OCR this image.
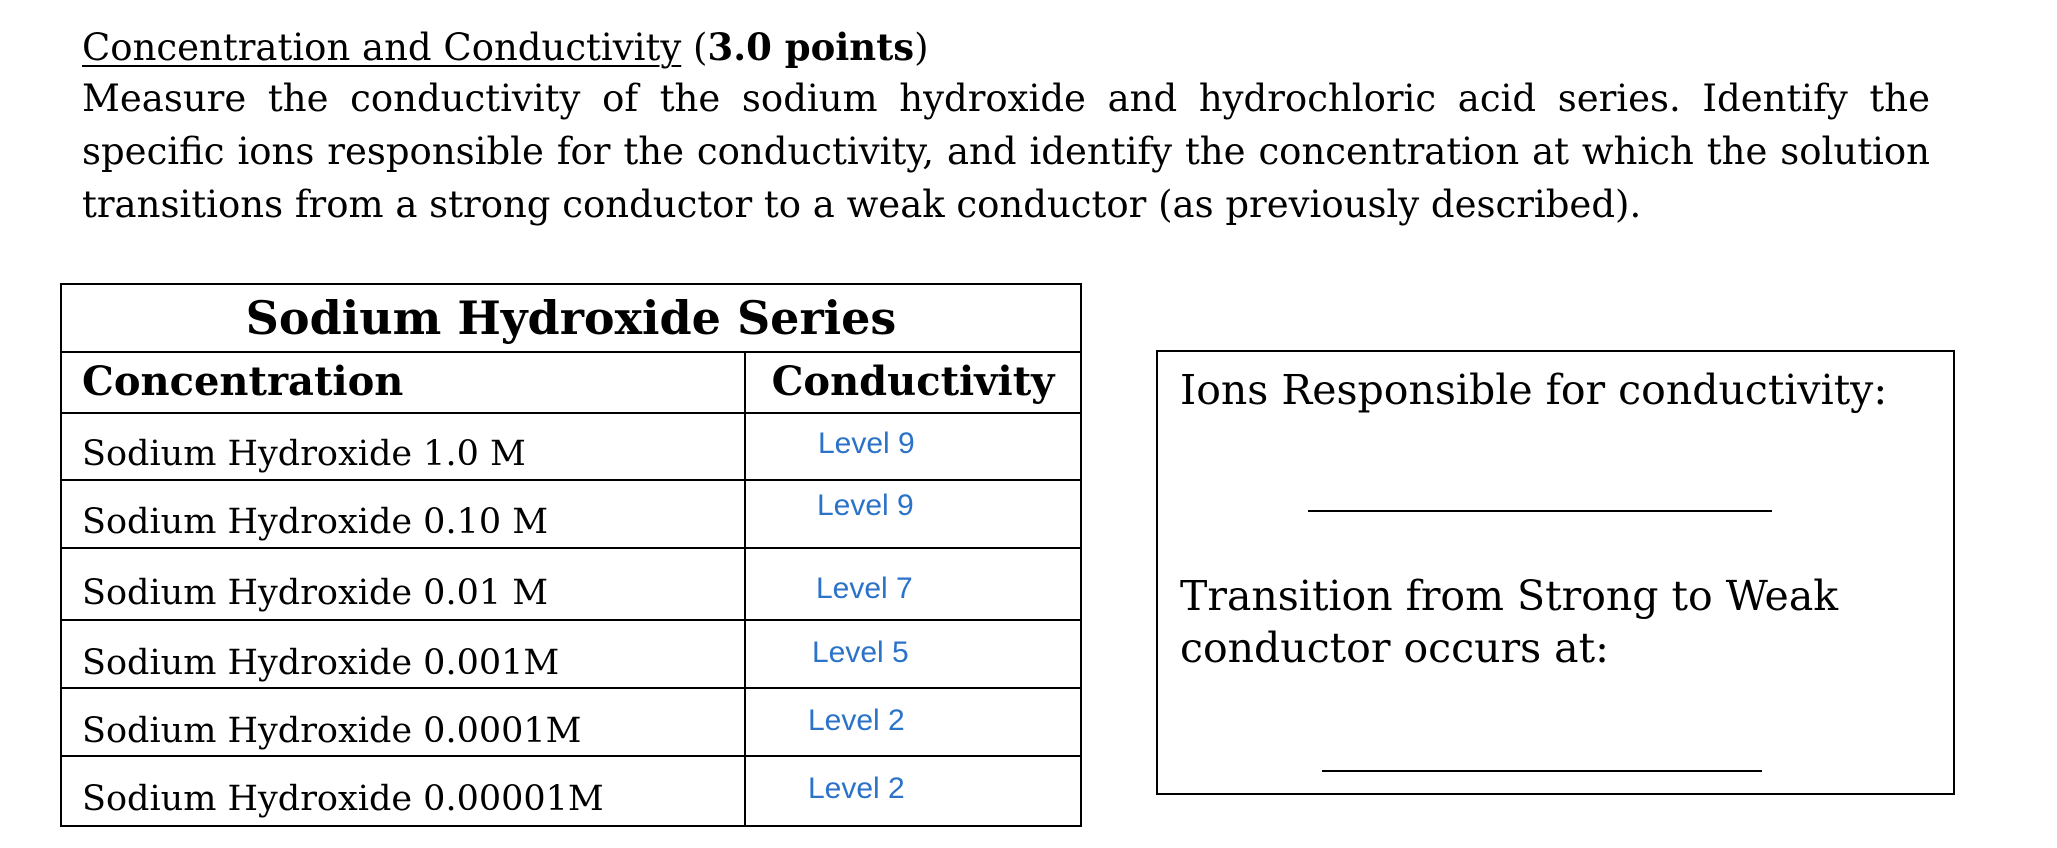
Concentration and Conductivity (3.0 points)
Measure the conductivity of the sodium hydroxide and hydrochloric acid series. Identify the specific ions responsible for the conductivity, and identify the concentration at which the solution transitions from a strong conductor to a weak conductor (as previously described).
Sodium Hydroxide Series
Concentration	Conductivity
Sodium Hydroxide 1.0 M	Level 9
Sodium Hydroxide 0.10 M	Level 9
Sodium Hydroxide 0.01 M	Level 7
Sodium Hydroxide 0.001M	Level 5
Sodium Hydroxide 0.0001M	Level 2
Sodium Hydroxide 0.00001M	Level 2
Ions Responsible for conductivity:
Transition from Strong to Weak
conductor occurs at:
